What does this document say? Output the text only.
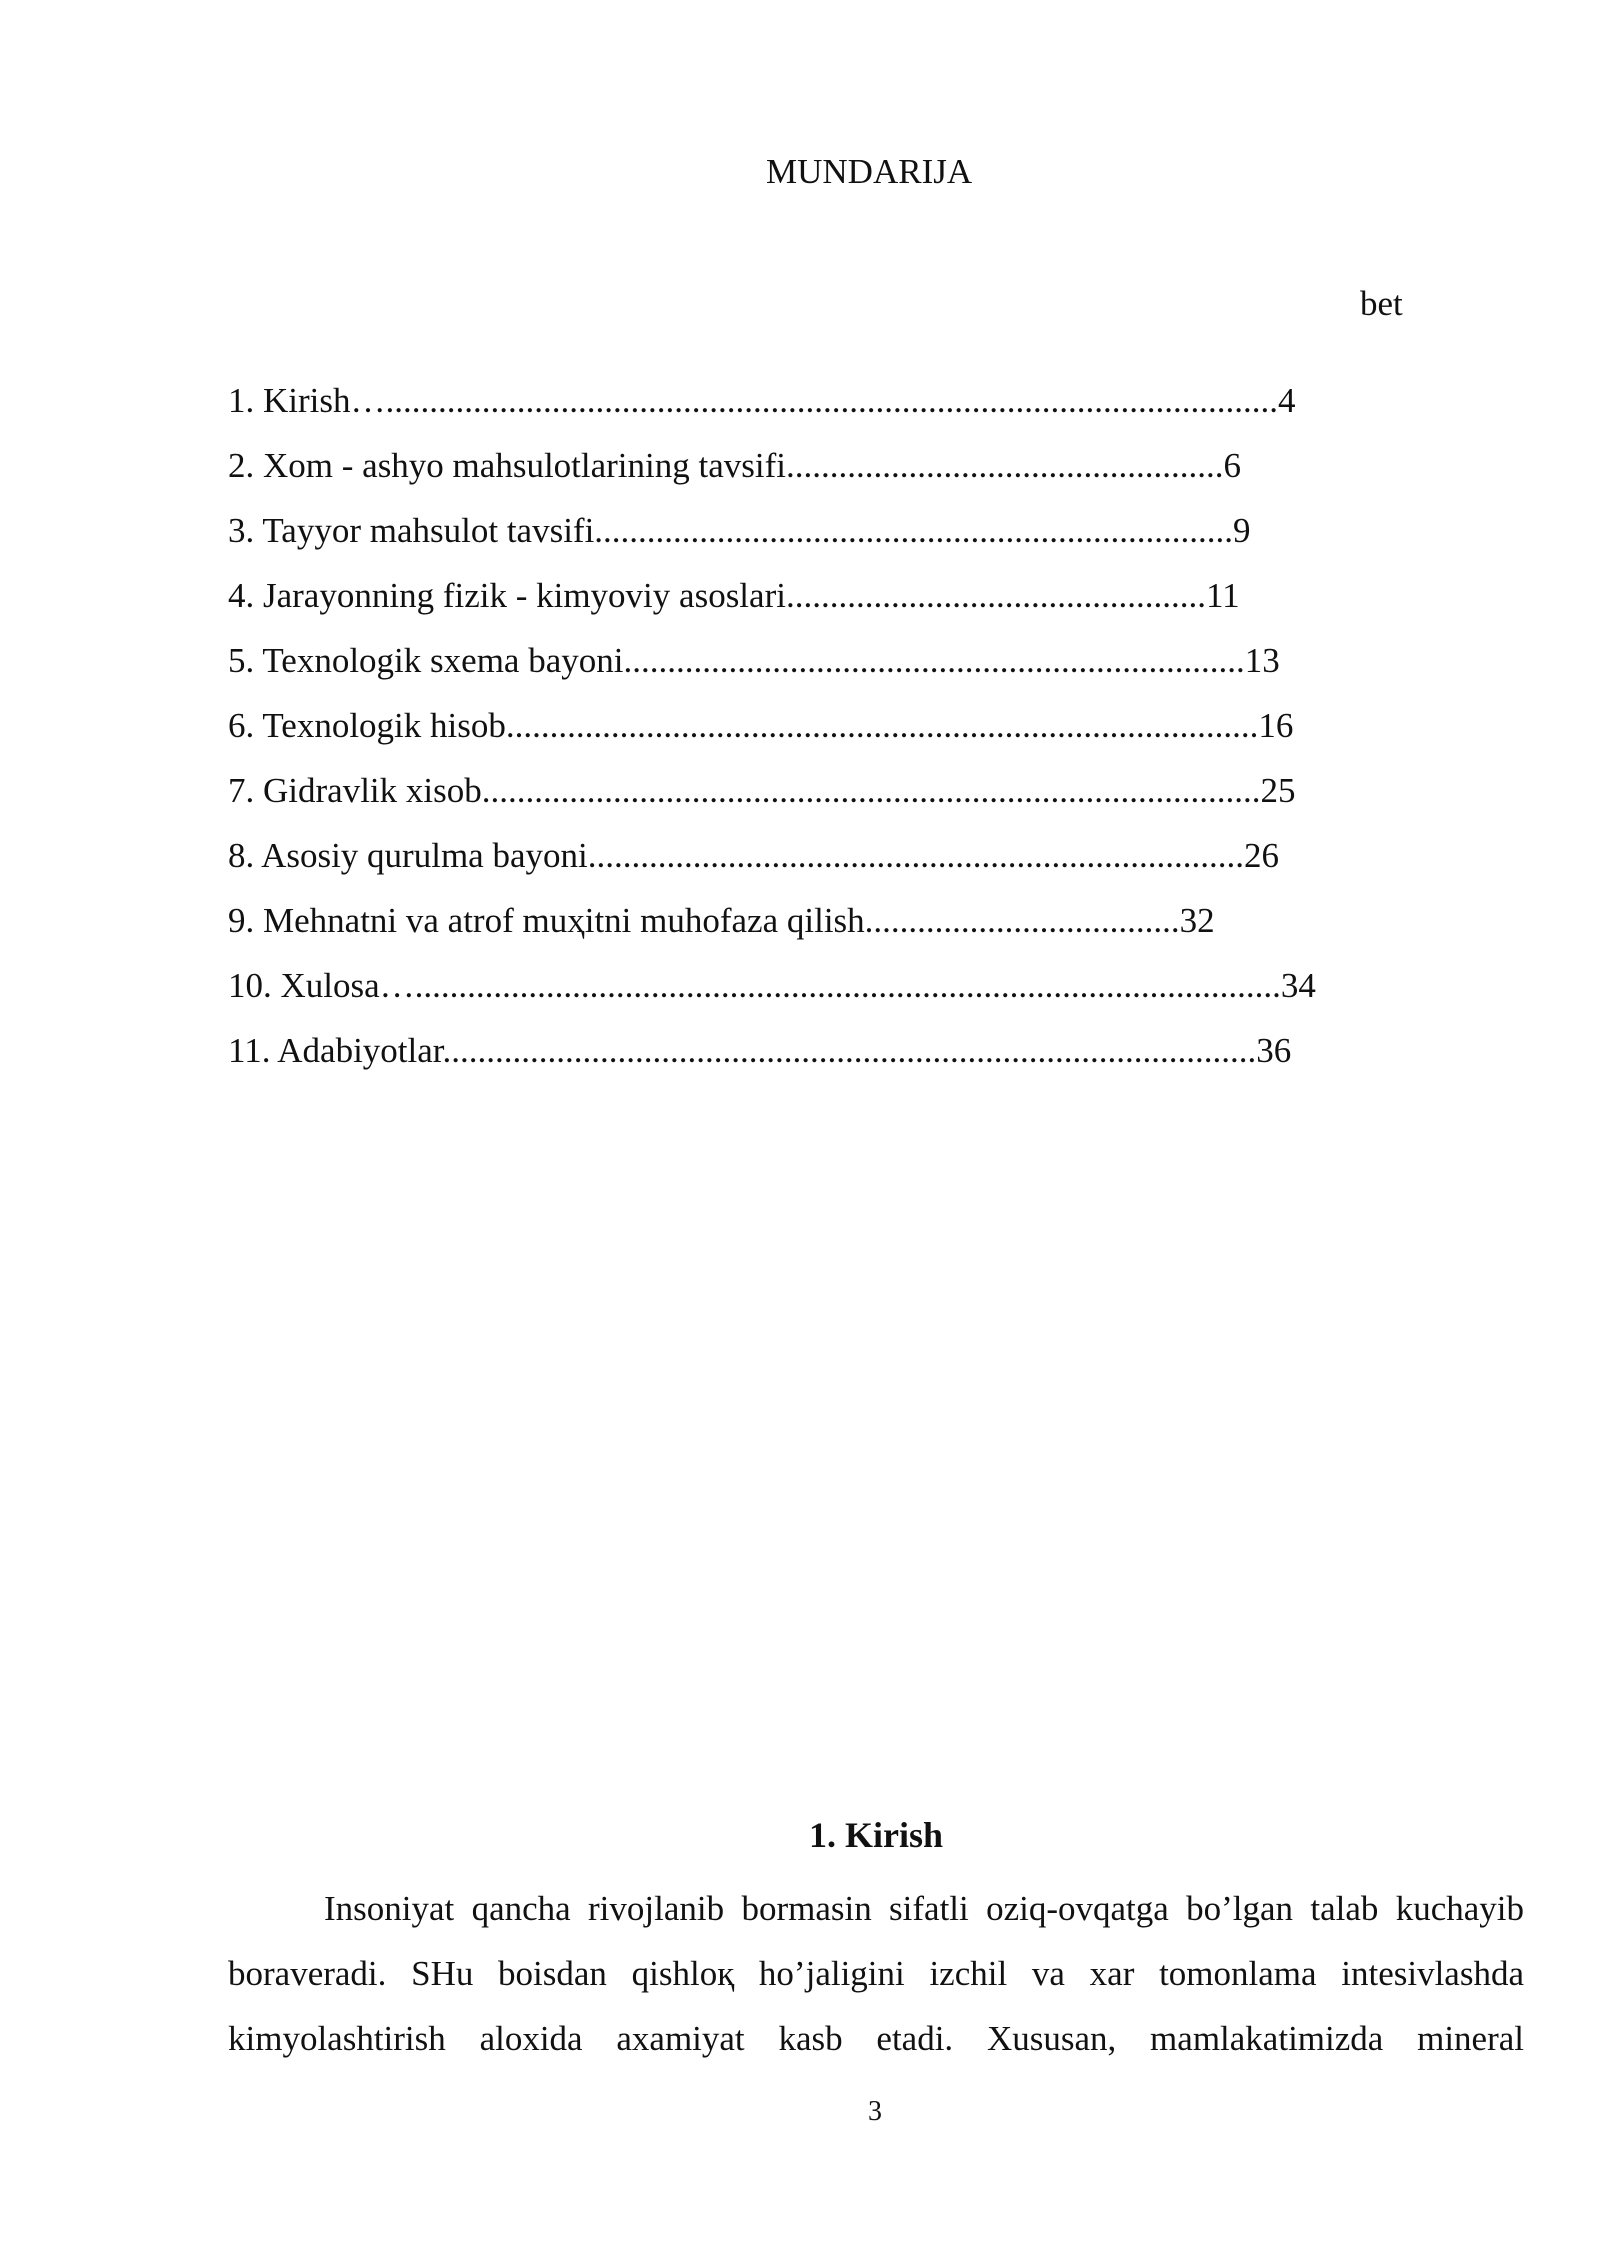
MUNDARIJA
bet
1. Kirish…......................................................................................................4
2. Xom - ashyo mahsulotlarining tavsifi..................................................6
3. Tayyor mahsulot tavsifi.........................................................................9
4. Jarayonning fizik - kimyoviy asoslari................................................11
5. Texnologik sxema bayoni.......................................................................13
6. Texnologik hisob......................................................................................16
7. Gidravlik xisob.........................................................................................25
8. Asosiy qurulma bayoni...........................................................................26
9. Mehnatni va atrof muҳitni muhofaza qilish....................................32
10. Xulosa…...................................................................................................34
11. Adabiyotlar.............................................................................................36
1. Kirish
Insoniyat qancha rivojlanib bormasin sifatli oziq-ovqatga bo’lgan talab kuchayib
boraveradi. SHu boisdan qishloқ ho’jaligini izchil va xar tomonlama intesivlashda
kimyolashtirish aloxida axamiyat kasb etadi. Xususan, mamlakatimizda mineral
3
